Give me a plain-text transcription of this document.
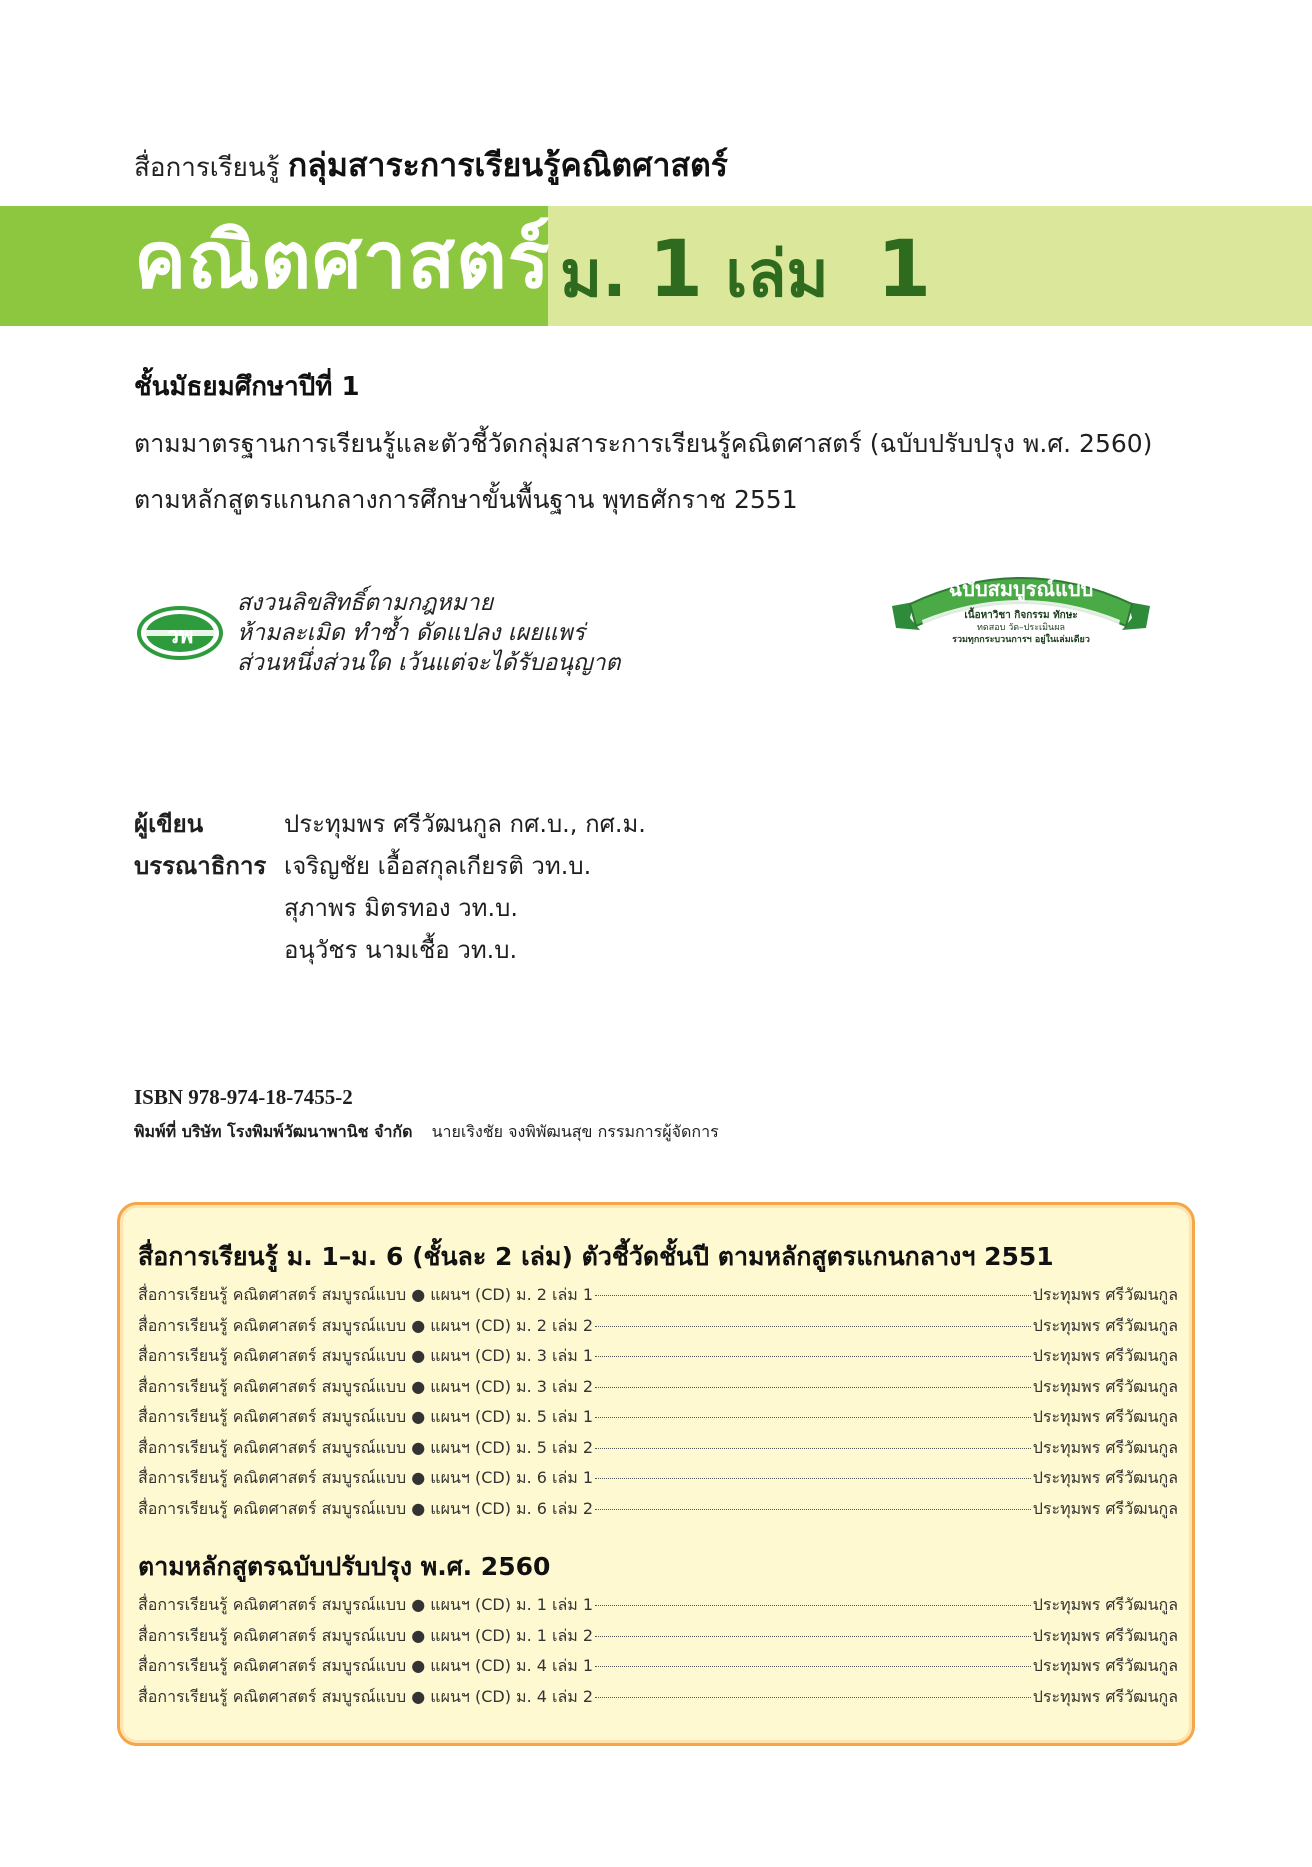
สื่อการเรียนรู้ กลุ่มสาระการเรียนรู้คณิตศาสตร์
คณิตศาสตร์ ม. 1 เล่ม 1
ชั้นมัธยมศึกษาปีที่ 1
ตามมาตรฐานการเรียนรู้และตัวชี้วัดกลุ่มสาระการเรียนรู้คณิตศาสตร์ (ฉบับปรับปรุง พ.ศ. 2560)
ตามหลักสูตรแกนกลางการศึกษาขั้นพื้นฐาน พุทธศักราช 2551
วพ
สงวนลิขสิทธิ์ตามกฎหมาย
ห้ามละเมิด ทำซ้ำ ดัดแปลง เผยแพร่
ส่วนหนึ่งส่วนใด เว้นแต่จะได้รับอนุญาต
ฉบับสมบูรณ์แบบ
เนื้อหาวิชา กิจกรรม ทักษะ
ทดสอบ วัด–ประเมินผล
รวมทุกกระบวนการฯ อยู่ในเล่มเดียว
ผู้เขียน	ประทุมพร ศรีวัฒนกูล กศ.บ., กศ.ม.
บรรณาธิการ เจริญชัย เอื้อสกุลเกียรติ วท.บ.
สุภาพร มิตรทอง วท.บ.
อนุวัชร นามเชื้อ วท.บ.
ISBN 978-974-18-7455-2
พิมพ์ที่ บริษัท โรงพิมพ์วัฒนาพานิช จำกัด นายเริงชัย จงพิพัฒนสุข กรรมการผู้จัดการ
สื่อการเรียนรู้ ม. 1–ม. 6 (ชั้นละ 2 เล่ม) ตัวชี้วัดชั้นปี ตามหลักสูตรแกนกลางฯ 2551
สื่อการเรียนรู้ คณิตศาสตร์ สมบูรณ์แบบ ● แผนฯ (CD) ม. 2 เล่ม 1	ประทุมพร ศรีวัฒนกูล
สื่อการเรียนรู้ คณิตศาสตร์ สมบูรณ์แบบ ● แผนฯ (CD) ม. 2 เล่ม 2	ประทุมพร ศรีวัฒนกูล
สื่อการเรียนรู้ คณิตศาสตร์ สมบูรณ์แบบ ● แผนฯ (CD) ม. 3 เล่ม 1	ประทุมพร ศรีวัฒนกูล
สื่อการเรียนรู้ คณิตศาสตร์ สมบูรณ์แบบ ● แผนฯ (CD) ม. 3 เล่ม 2	ประทุมพร ศรีวัฒนกูล
สื่อการเรียนรู้ คณิตศาสตร์ สมบูรณ์แบบ ● แผนฯ (CD) ม. 5 เล่ม 1	ประทุมพร ศรีวัฒนกูล
สื่อการเรียนรู้ คณิตศาสตร์ สมบูรณ์แบบ ● แผนฯ (CD) ม. 5 เล่ม 2	ประทุมพร ศรีวัฒนกูล
สื่อการเรียนรู้ คณิตศาสตร์ สมบูรณ์แบบ ● แผนฯ (CD) ม. 6 เล่ม 1	ประทุมพร ศรีวัฒนกูล
สื่อการเรียนรู้ คณิตศาสตร์ สมบูรณ์แบบ ● แผนฯ (CD) ม. 6 เล่ม 2	ประทุมพร ศรีวัฒนกูล
ตามหลักสูตรฉบับปรับปรุง พ.ศ. 2560
สื่อการเรียนรู้ คณิตศาสตร์ สมบูรณ์แบบ ● แผนฯ (CD) ม. 1 เล่ม 1	ประทุมพร ศรีวัฒนกูล
สื่อการเรียนรู้ คณิตศาสตร์ สมบูรณ์แบบ ● แผนฯ (CD) ม. 1 เล่ม 2	ประทุมพร ศรีวัฒนกูล
สื่อการเรียนรู้ คณิตศาสตร์ สมบูรณ์แบบ ● แผนฯ (CD) ม. 4 เล่ม 1	ประทุมพร ศรีวัฒนกูล
สื่อการเรียนรู้ คณิตศาสตร์ สมบูรณ์แบบ ● แผนฯ (CD) ม. 4 เล่ม 2	ประทุมพร ศรีวัฒนกูล
